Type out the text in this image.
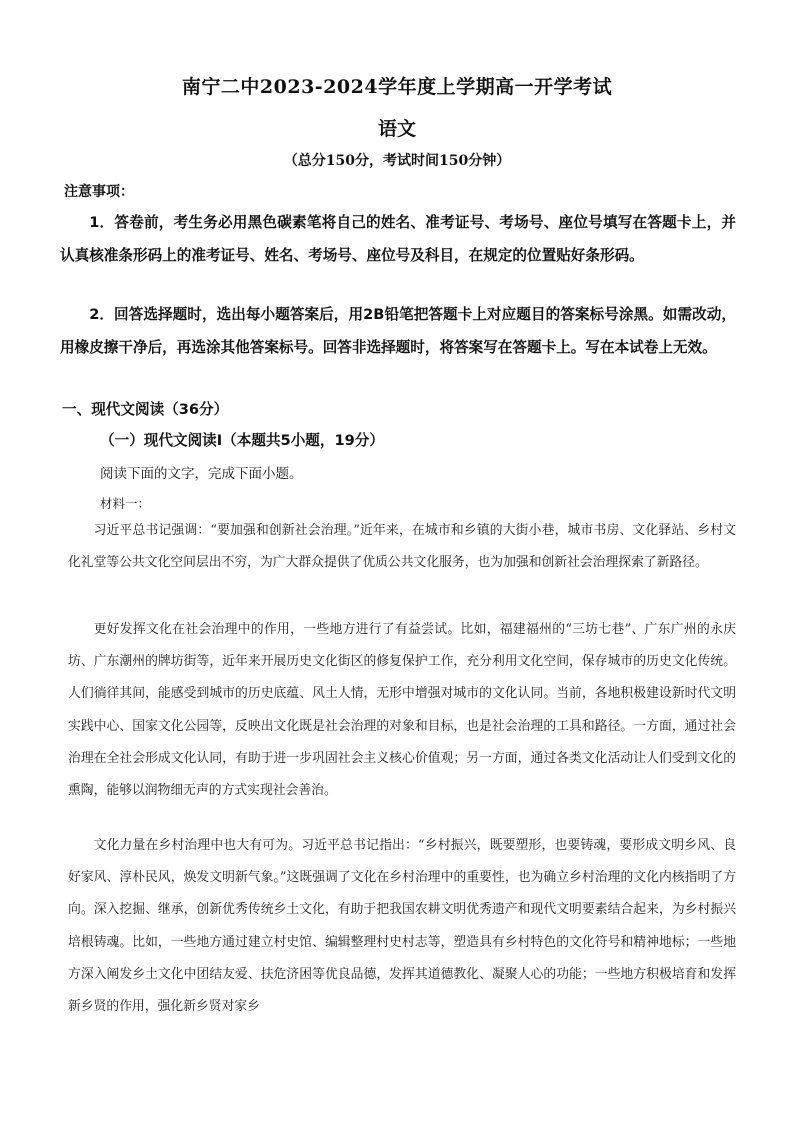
南宁二中2023-2024学年度上学期高一开学考试
语文
（总分150分，考试时间150分钟）
注意事项：

1．答卷前，考生务必用黑色碳素笔将自己的姓名、准考证号、考场号、座位号填写在答题卡上，并认真核准条形码上的准考证号、姓名、考场号、座位号及科目，在规定的位置贴好条形码。

2．回答选择题时，选出每小题答案后，用2B铅笔把答题卡上对应题目的答案标号涂黑。如需改动，用橡皮擦干净后，再选涂其他答案标号。回答非选择题时，将答案写在答题卡上。写在本试卷上无效。

一、现代文阅读（36分）
（一）现代文阅读Ⅰ（本题共5小题，19分）
阅读下面的文字，完成下面小题。
材料一：

习近平总书记强调：“要加强和创新社会治理。”近年来，在城市和乡镇的大街小巷，城市书房、文化驿站、乡村文化礼堂等公共文化空间层出不穷，为广大群众提供了优质公共文化服务，也为加强和创新社会治理探索了新路径。

更好发挥文化在社会治理中的作用，一些地方进行了有益尝试。比如，福建福州的“三坊七巷”、广东广州的永庆坊、广东潮州的牌坊街等，近年来开展历史文化街区的修复保护工作，充分利用文化空间，保存城市的历史文化传统。人们徜徉其间，能感受到城市的历史底蕴、风土人情，无形中增强对城市的文化认同。当前，各地积极建设新时代文明实践中心、国家文化公园等，反映出文化既是社会治理的对象和目标，也是社会治理的工具和路径。一方面，通过社会治理在全社会形成文化认同，有助于进一步巩固社会主义核心价值观；另一方面，通过各类文化活动让人们受到文化的熏陶，能够以润物细无声的方式实现社会善治。

文化力量在乡村治理中也大有可为。习近平总书记指出：“乡村振兴，既要塑形，也要铸魂，要形成文明乡风、良好家风、淳朴民风，焕发文明新气象。”这既强调了文化在乡村治理中的重要性，也为确立乡村治理的文化内核指明了方向。深入挖掘、继承，创新优秀传统乡土文化，有助于把我国农耕文明优秀遗产和现代文明要素结合起来，为乡村振兴培根铸魂。比如，一些地方通过建立村史馆、编辑整理村史村志等，塑造具有乡村特色的文化符号和精神地标；一些地方深入阐发乡土文化中团结友爱、扶危济困等优良品德，发挥其道德教化、凝聚人心的功能；一些地方积极培育和发挥新乡贤的作用，强化新乡贤对家乡
